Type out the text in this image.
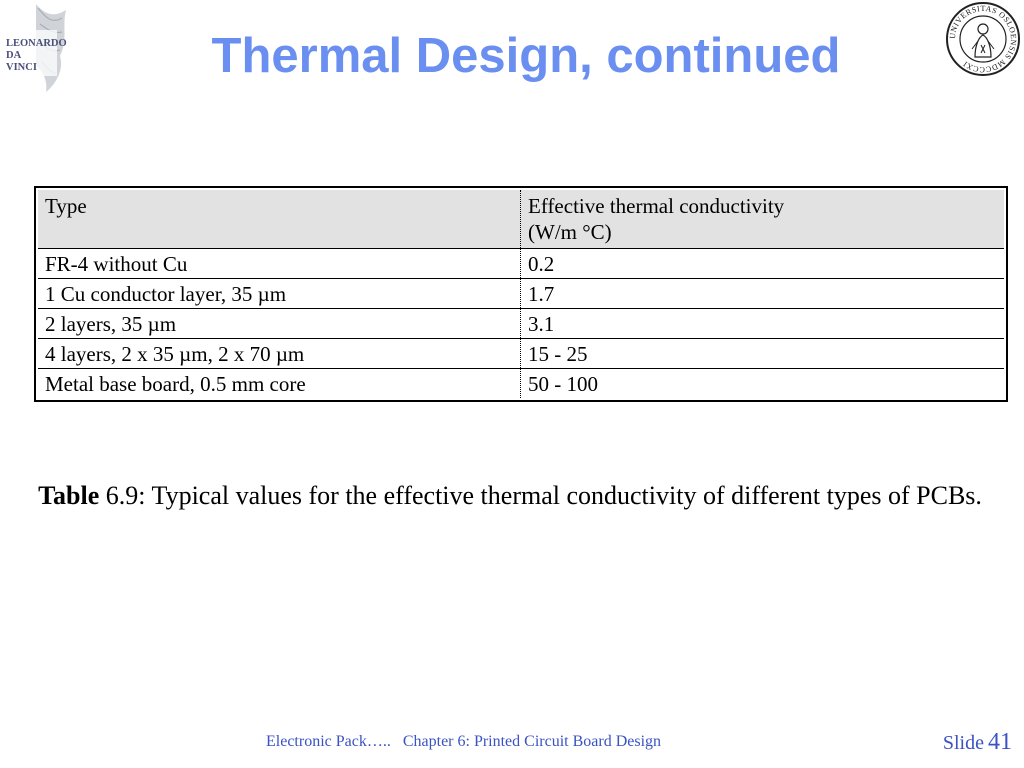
LEONARDO
DA
VINCI	Thermal Design, continued	UNIVERSITAS OSLOENSIS MDCCCXI
Type	Effective thermal conductivity
(W/m °C)

FR-4 without Cu	0.2
1 Cu conductor layer, 35 µm	1.7
2 layers, 35 µm	3.1
4 layers, 2 x 35 µm, 2 x 70 µm	15 - 25
Metal base board, 0.5 mm core	50 - 100

Table 6.9: Typical values for the effective thermal conductivity of different types of PCBs.

Electronic Pack….. Chapter 6: Printed Circuit Board Design	Slide 41
